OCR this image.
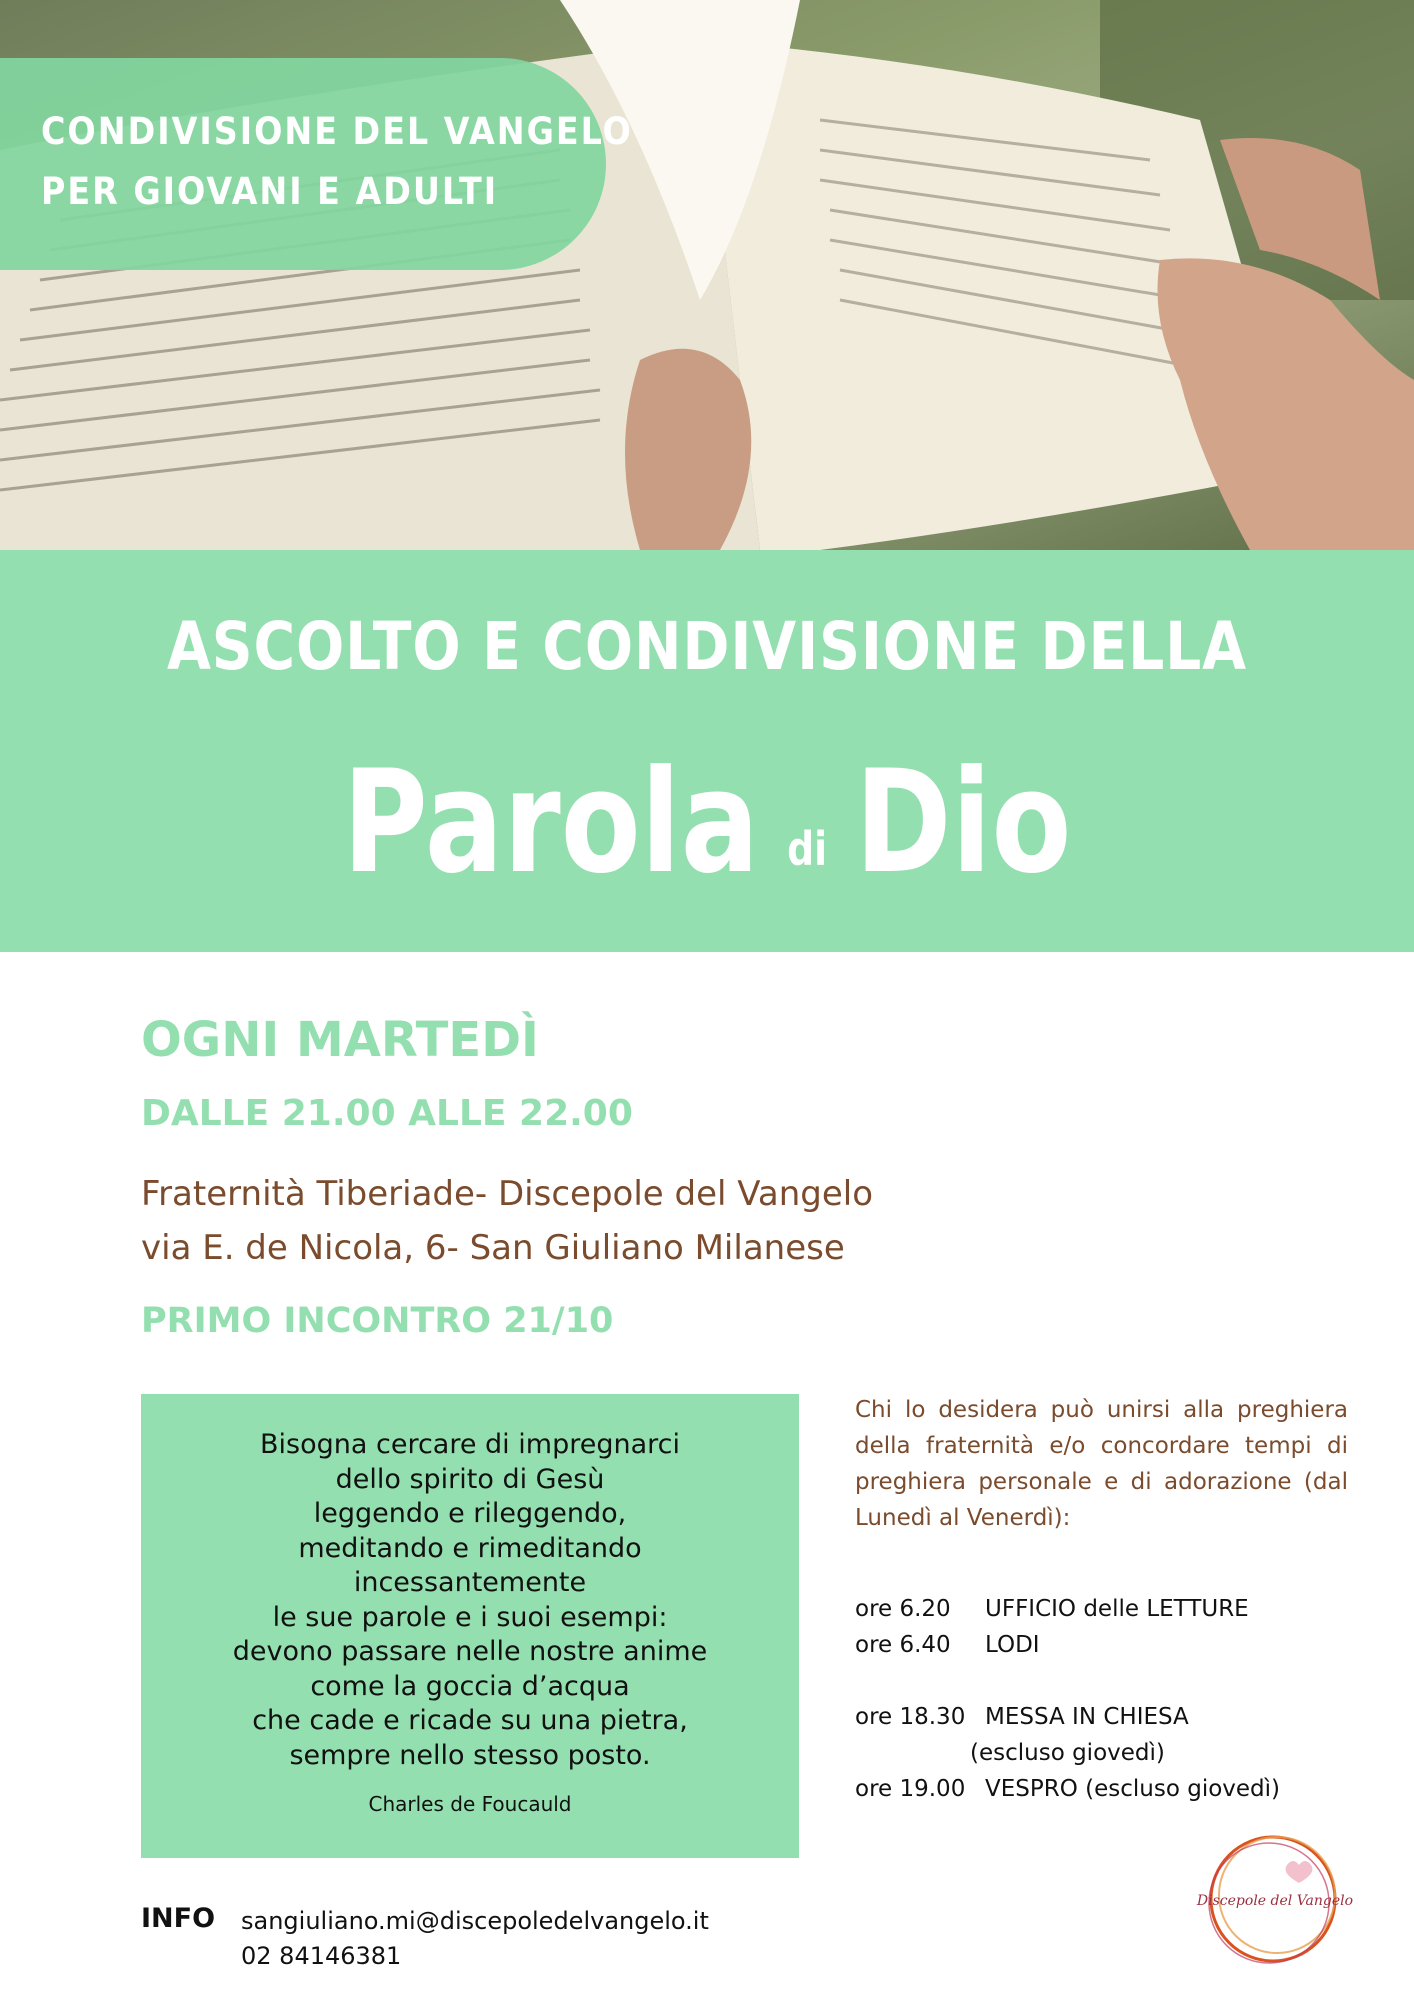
CONDIVISIONE DEL VANGELO
PER GIOVANI E ADULTI
ASCOLTO E CONDIVISIONE DELLA
Parola di Dio
OGNI MARTEDÌ
DALLE 21.00 ALLE 22.00
Fraternità Tiberiade- Discepole del Vangelo
via E. de Nicola, 6- San Giuliano Milanese
PRIMO INCONTRO 21/10
Bisogna cercare di impregnarci
dello spirito di Gesù
leggendo e rileggendo,
meditando e rimeditando
incessantemente
le sue parole e i suoi esempi:
devono passare nelle nostre anime
come la goccia d’acqua
che cade e ricade su una pietra,
sempre nello stesso posto.
Charles de Foucauld
Chi lo desidera può unirsi alla preghiera della fraternità e/o concordare tempi di preghiera personale e di adorazione (dal Lunedì al Venerdì):
ore 6.20 UFFICIO delle LETTURE
ore 6.40 LODI
ore 18.30 MESSA IN CHIESA
(escluso giovedì)
ore 19.00 VESPRO (escluso giovedì)
INFO sangiuliano.mi@discepoledelvangelo.it
02 84146381
Discepole del Vangelo
